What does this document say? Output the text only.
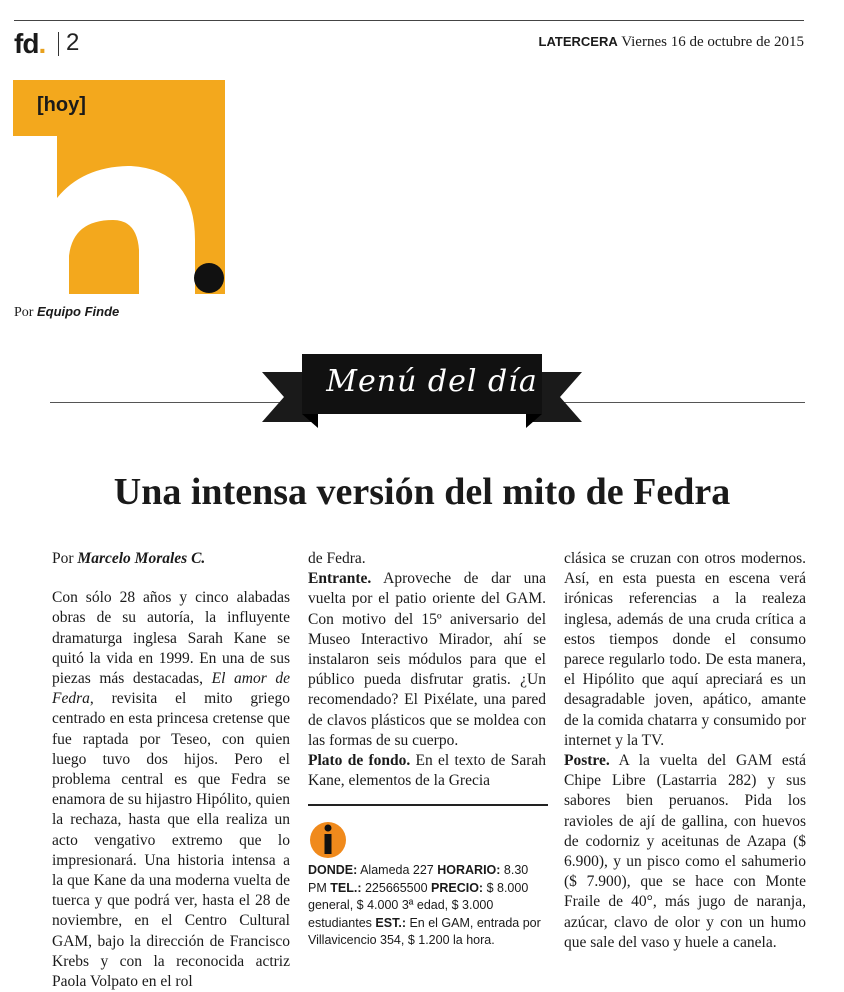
fd. 2	LATERCERA Viernes 16 de octubre de 2015
[hoy]
Por Equipo Finde
Menú del día
Una intensa versión del mito de Fedra

Por Marcelo Morales C.

Con sólo 28 años y cinco alabadas obras de su autoría, la influyente dramaturga inglesa Sarah Kane se quitó la vida en 1999. En una de sus piezas más destacadas, El amor de Fedra, revisita el mito griego centrado en esta princesa cretense que fue raptada por Teseo, con quien luego tuvo dos hijos. Pero el problema central es que Fedra se enamora de su hijastro Hipólito, quien la rechaza, hasta que ella realiza un acto vengativo extremo que lo impresionará. Una historia intensa a la que Kane da una moderna vuelta de tuerca y que podrá ver, hasta el 28 de noviembre, en el Centro Cultural GAM, bajo la dirección de Francisco Krebs y con la reconocida actriz Paola Volpato en el rol

de Fedra.
Entrante. Aproveche de dar una vuelta por el patio oriente del GAM. Con motivo del 15º aniversario del Museo Interactivo Mirador, ahí se instalaron seis módulos para que el público pueda disfrutar gratis. ¿Un recomendado? El Pixélate, una pared de clavos plásticos que se moldea con las formas de su cuerpo.
Plato de fondo. En el texto de Sarah Kane, elementos de la Grecia

DONDE: Alameda 227 HORARIO: 8.30 PM TEL.: 225665500 PRECIO: $ 8.000 general, $ 4.000 3ª edad, $ 3.000 estudiantes EST.: En el GAM, entrada por Villavicencio 354, $ 1.200 la hora.

clásica se cruzan con otros modernos. Así, en esta puesta en escena verá irónicas referencias a la realeza inglesa, además de una cruda crítica a estos tiempos donde el consumo parece regularlo todo. De esta manera, el Hipólito que aquí apreciará es un desagradable joven, apático, amante de la comida chatarra y consumido por internet y la TV.
Postre. A la vuelta del GAM está Chipe Libre (Lastarria 282) y sus sabores bien peruanos. Pida los ravioles de ají de gallina, con huevos de codorniz y aceitunas de Azapa ($ 6.900), y un pisco como el sahumerio ($ 7.900), que se hace con Monte Fraile de 40°, más jugo de naranja, azúcar, clavo de olor y con un humo que sale del vaso y huele a canela.
